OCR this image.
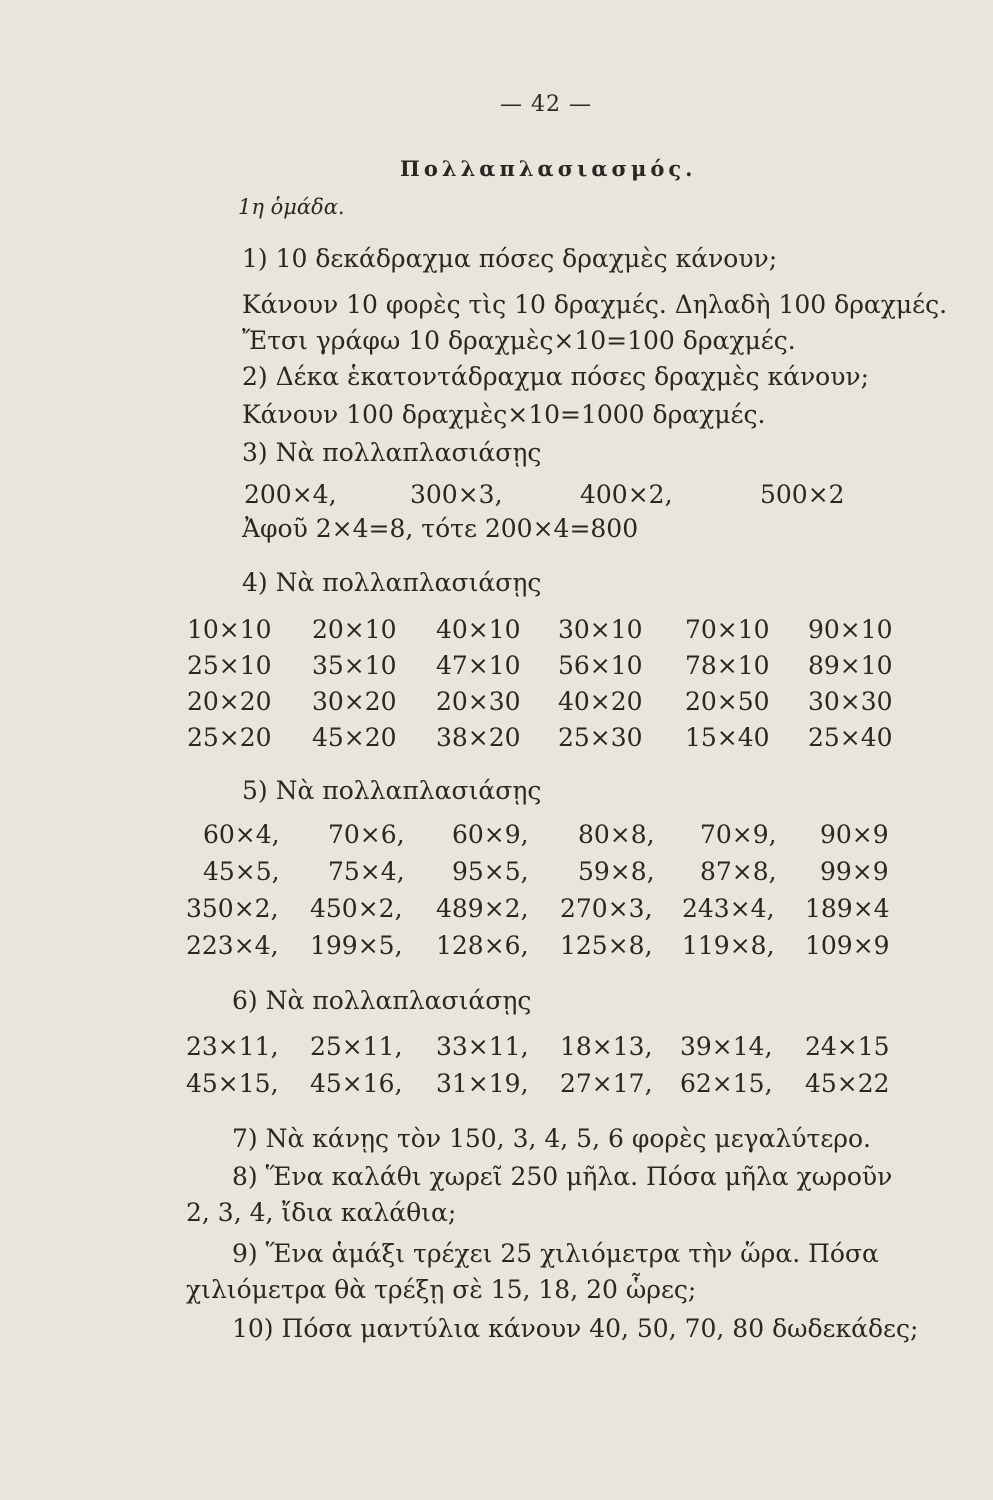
— 42 —
Πολλαπλασιασμός.
1η ὁμάδα.
1) 10 δεκάδραχμα πόσες δραχμὲς κάνουν;
Κάνουν 10 φορὲς τὶς 10 δραχμές. Δηλαδὴ 100 δραχμές.
Ἔτσι γράφω 10 δραχμὲς×10=100 δραχμές.
2) Δέκα ἑκατοντάδραχμα πόσες δραχμὲς κάνουν;
Κάνουν 100 δραχμὲς×10=1000 δραχμές.
3) Νὰ πολλαπλασιάσῃς
200×4,	300×3,	400×2,	500×2
Ἀφοῦ 2×4=8, τότε 200×4=800
4) Νὰ πολλαπλασιάσῃς
10×10 20×10 40×10 30×10 70×10 90×10
25×10 35×10 47×10 56×10 78×10 89×10
20×20 30×20 20×30 40×20 20×50 30×30
25×20 45×20 38×20 25×30 15×40 25×40
5) Νὰ πολλαπλασιάσῃς
60×4, 70×6, 60×9, 80×8, 70×9, 90×9
45×5, 75×4, 95×5, 59×8, 87×8, 99×9
350×2, 450×2, 489×2, 270×3, 243×4, 189×4
223×4, 199×5, 128×6, 125×8, 119×8, 109×9
6) Νὰ πολλαπλασιάσῃς
23×11, 25×11, 33×11, 18×13, 39×14, 24×15
45×15, 45×16, 31×19, 27×17, 62×15, 45×22
7) Νὰ κάνῃς τὸν 150, 3, 4, 5, 6 φορὲς μεγαλύτερο.
8) Ἕνα καλάθι χωρεῖ 250 μῆλα. Πόσα μῆλα χωροῦν
2, 3, 4, ἴδια καλάθια;
9) Ἕνα ἁμάξι τρέχει 25 χιλιόμετρα τὴν ὥρα. Πόσα
χιλιόμετρα θὰ τρέξῃ σὲ 15, 18, 20 ὧρες;
10) Πόσα μαντύλια κάνουν 40, 50, 70, 80 δωδεκάδες;
